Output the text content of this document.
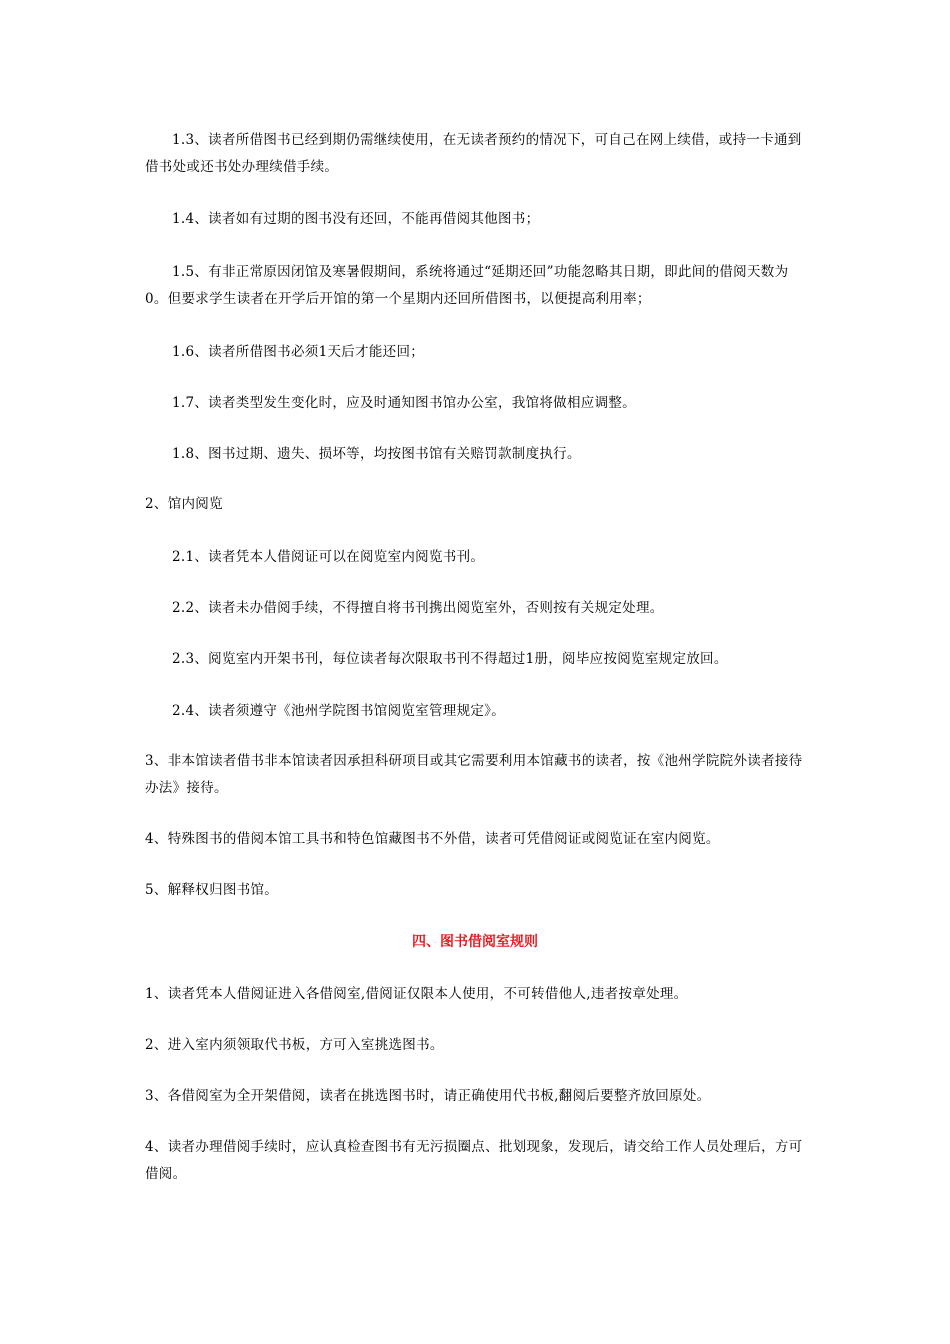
1.3、读者所借图书已经到期仍需继续使用，在无读者预约的情况下，可自己在网上续借，或持一卡通到借书处或还书处办理续借手续。
1.4、读者如有过期的图书没有还回，不能再借阅其他图书；
1.5、有非正常原因闭馆及寒暑假期间，系统将通过“延期还回”功能忽略其日期，即此间的借阅天数为0。但要求学生读者在开学后开馆的第一个星期内还回所借图书，以便提高利用率；
1.6、读者所借图书必须1天后才能还回；
1.7、读者类型发生变化时，应及时通知图书馆办公室，我馆将做相应调整。
1.8、图书过期、遗失、损坏等，均按图书馆有关赔罚款制度执行。
2、馆内阅览
2.1、读者凭本人借阅证可以在阅览室内阅览书刊。
2.2、读者未办借阅手续，不得擅自将书刊携出阅览室外，否则按有关规定处理。
2.3、阅览室内开架书刊，每位读者每次限取书刊不得超过1册，阅毕应按阅览室规定放回。
2.4、读者须遵守《池州学院图书馆阅览室管理规定》。
3、非本馆读者借书非本馆读者因承担科研项目或其它需要利用本馆藏书的读者，按《池州学院院外读者接待办法》接待。
4、特殊图书的借阅本馆工具书和特色馆藏图书不外借，读者可凭借阅证或阅览证在室内阅览。
5、解释权归图书馆。
四、图书借阅室规则
1、读者凭本人借阅证进入各借阅室,借阅证仅限本人使用，不可转借他人,违者按章处理。
2、进入室内须领取代书板，方可入室挑选图书。
3、各借阅室为全开架借阅，读者在挑选图书时，请正确使用代书板,翻阅后要整齐放回原处。
4、读者办理借阅手续时，应认真检查图书有无污损圈点、批划现象，发现后，请交给工作人员处理后，方可借阅。
